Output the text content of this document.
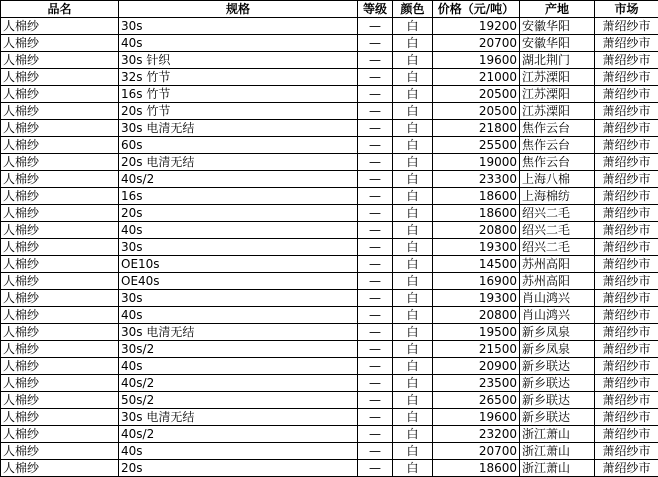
品名	规格	等级	颜色	价格（元/吨）	产地	市场
人棉纱	30s	—	白	19200	安徽华阳	萧绍纱市
人棉纱	40s	—	白	20700	安徽华阳	萧绍纱市
人棉纱	30s 针织	—	白	19600	湖北荆门	萧绍纱市
人棉纱	32s 竹节	—	白	21000	江苏溧阳	萧绍纱市
人棉纱	16s 竹节	—	白	20500	江苏溧阳	萧绍纱市
人棉纱	20s 竹节	—	白	20500	江苏溧阳	萧绍纱市
人棉纱	30s 电清无结	—	白	21800	焦作云台	萧绍纱市
人棉纱	60s	—	白	25500	焦作云台	萧绍纱市
人棉纱	20s 电清无结	—	白	19000	焦作云台	萧绍纱市
人棉纱	40s/2	—	白	23300	上海八棉	萧绍纱市
人棉纱	16s	—	白	18600	上海棉纺	萧绍纱市
人棉纱	20s	—	白	18600	绍兴二毛	萧绍纱市
人棉纱	40s	—	白	20800	绍兴二毛	萧绍纱市
人棉纱	30s	—	白	19300	绍兴二毛	萧绍纱市
人棉纱	OE10s	—	白	14500	苏州高阳	萧绍纱市
人棉纱	OE40s	—	白	16900	苏州高阳	萧绍纱市
人棉纱	30s	—	白	19300	肖山鸿兴	萧绍纱市
人棉纱	40s	—	白	20800	肖山鸿兴	萧绍纱市
人棉纱	30s 电清无结	—	白	19500	新乡凤泉	萧绍纱市
人棉纱	30s/2	—	白	21500	新乡凤泉	萧绍纱市
人棉纱	40s	—	白	20900	新乡联达	萧绍纱市
人棉纱	40s/2	—	白	23500	新乡联达	萧绍纱市
人棉纱	50s/2	—	白	26500	新乡联达	萧绍纱市
人棉纱	30s 电清无结	—	白	19600	新乡联达	萧绍纱市
人棉纱	40s/2	—	白	23200	浙江萧山	萧绍纱市
人棉纱	40s	—	白	20700	浙江萧山	萧绍纱市
人棉纱	20s	—	白	18600	浙江萧山	萧绍纱市
